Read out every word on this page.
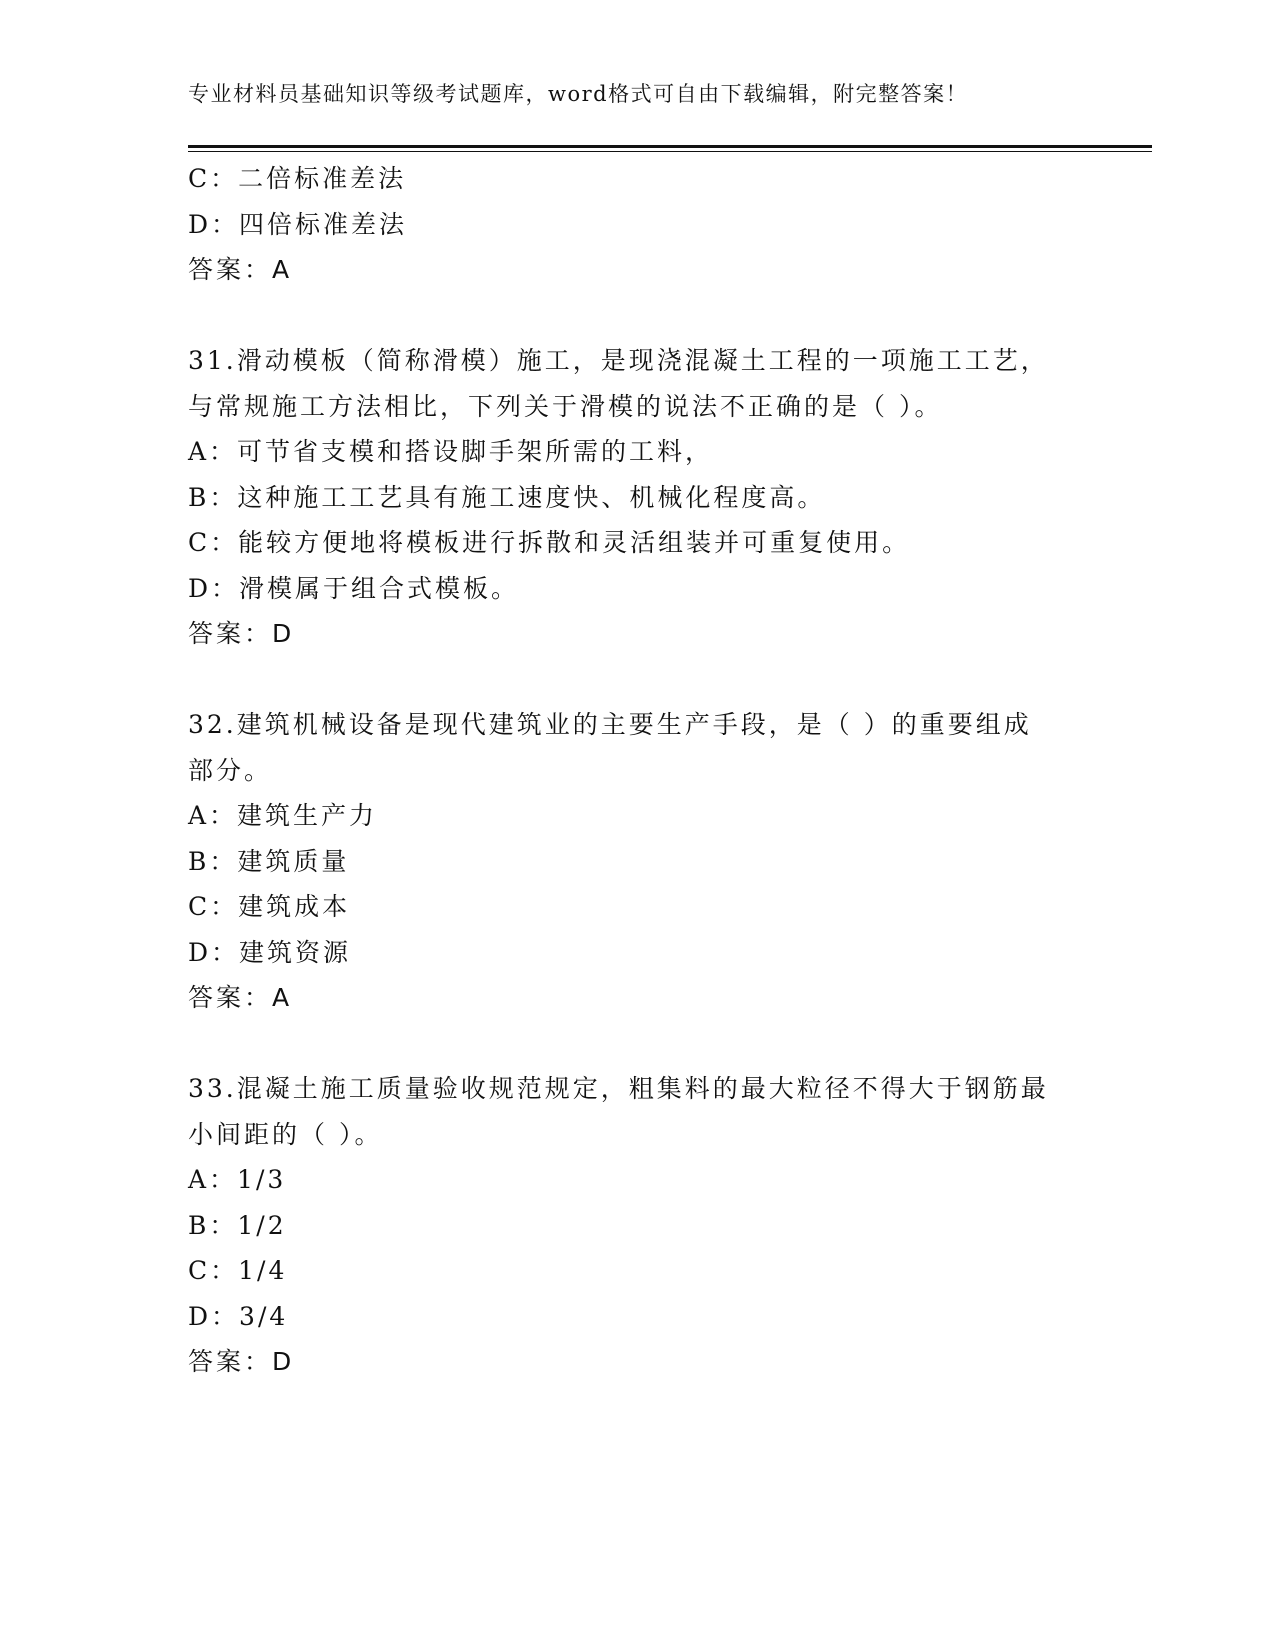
专业材料员基础知识等级考试题库，word格式可自由下载编辑，附完整答案！
C：二倍标准差法
D：四倍标准差法
答案：A
31.滑动模板（简称滑模）施工，是现浇混凝土工程的一项施工工艺，
与常规施工方法相比，下列关于滑模的说法不正确的是（ ）。
A：可节省支模和搭设脚手架所需的工料，
B：这种施工工艺具有施工速度快、机械化程度高。
C：能较方便地将模板进行拆散和灵活组装并可重复使用。
D：滑模属于组合式模板。
答案：D
32.建筑机械设备是现代建筑业的主要生产手段，是（ ）的重要组成
部分。
A：建筑生产力
B：建筑质量
C：建筑成本
D：建筑资源
答案：A
33.混凝土施工质量验收规范规定，粗集料的最大粒径不得大于钢筋最
小间距的（ ）。
A：1/3
B：1/2
C：1/4
D：3/4
答案：D
